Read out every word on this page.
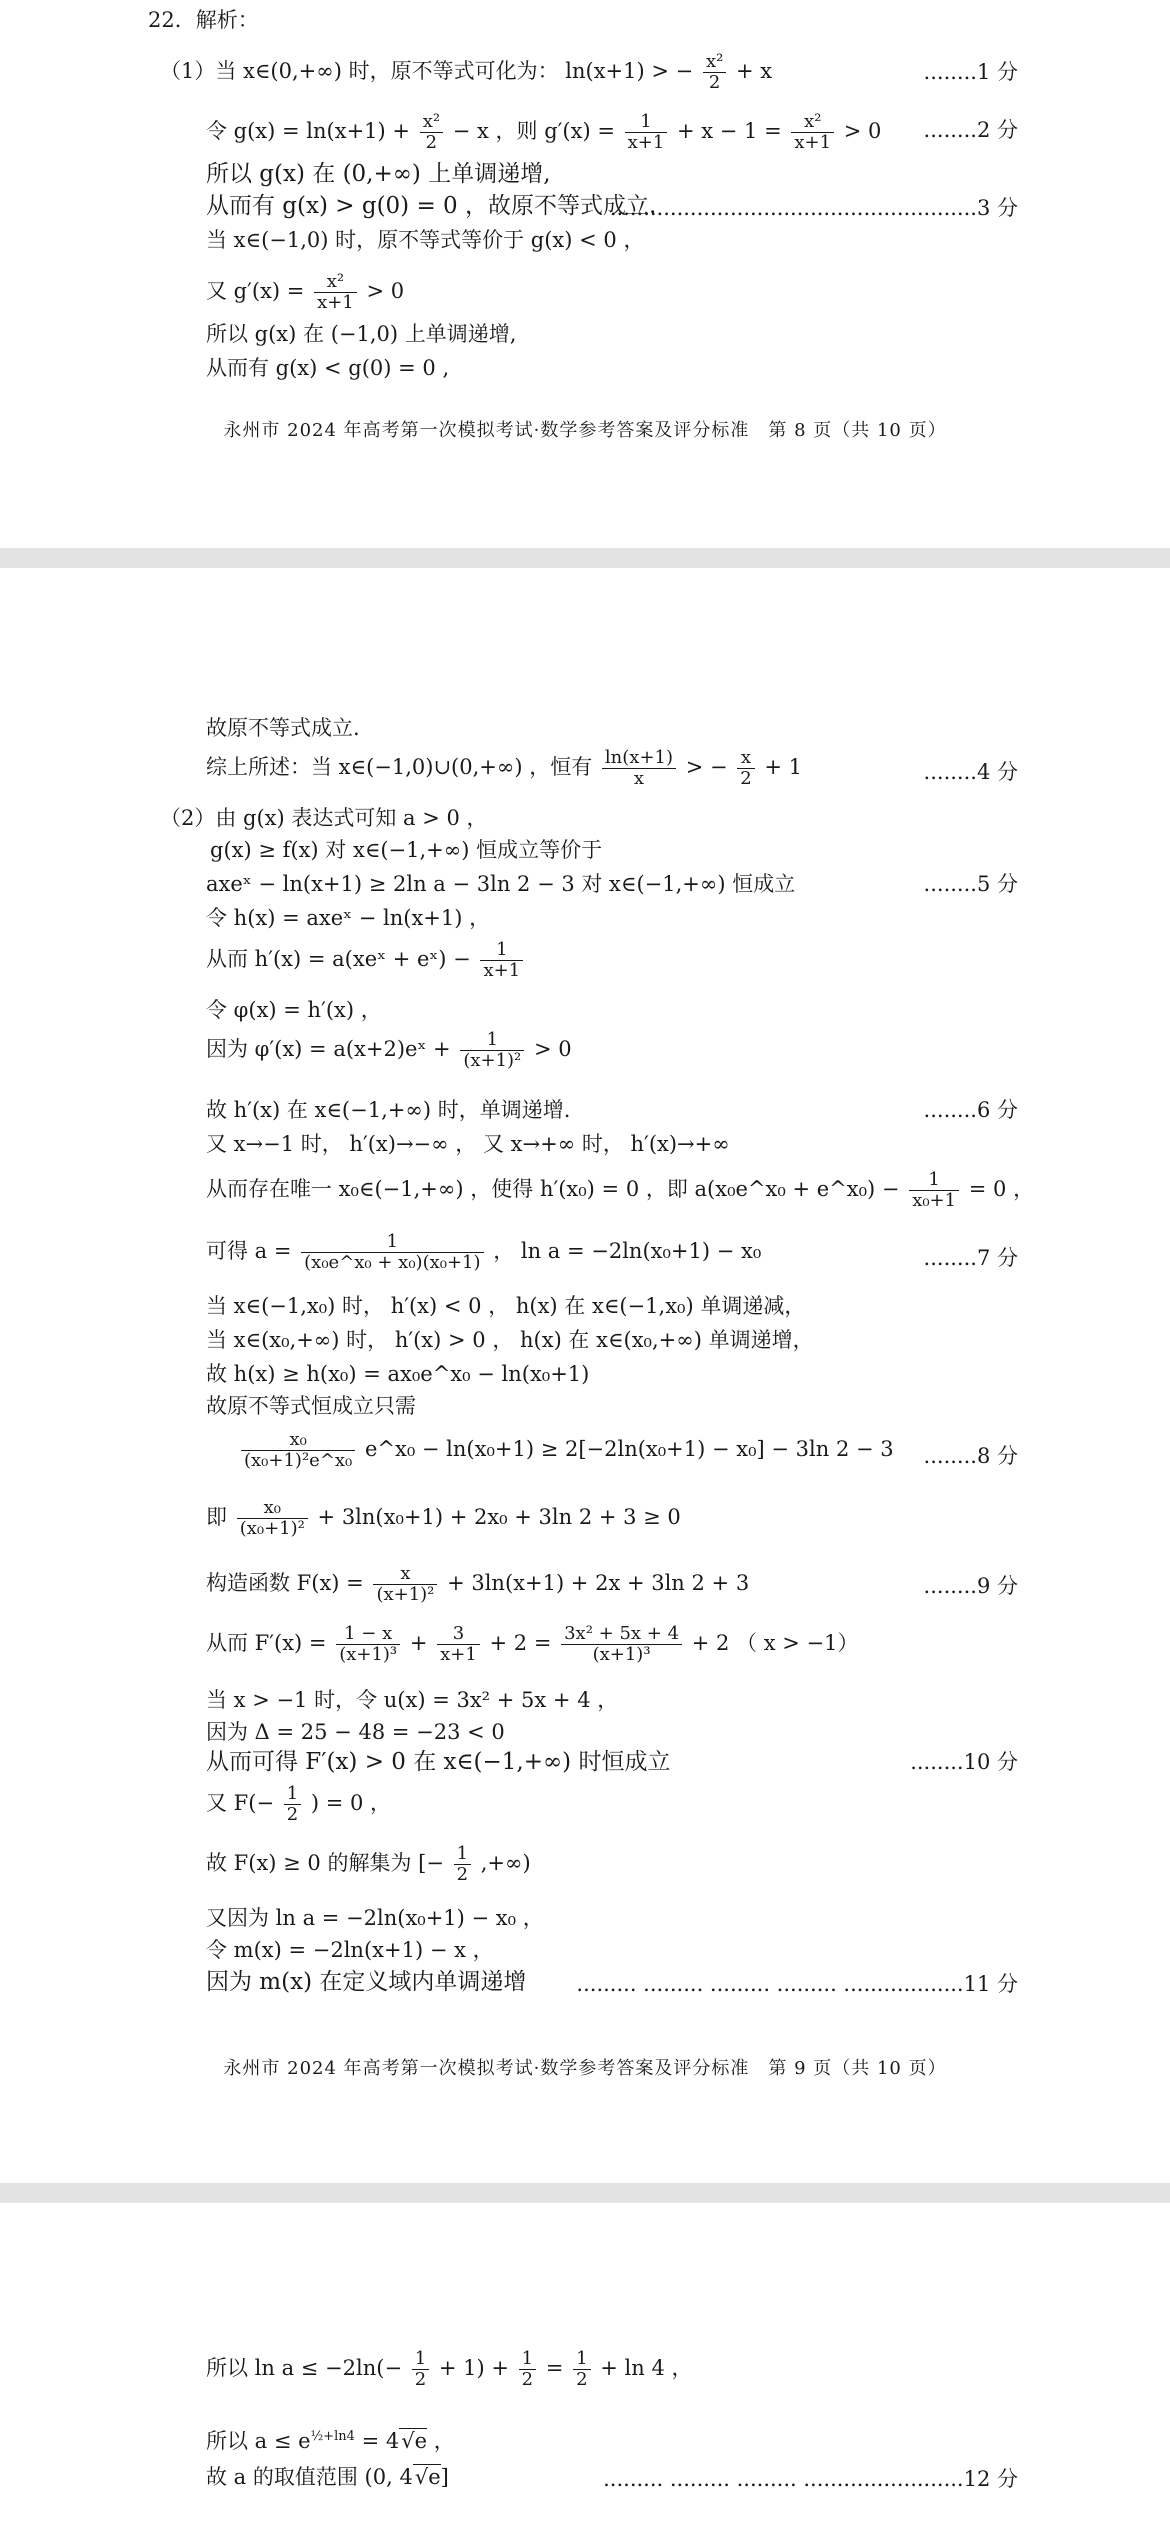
22．解析：
（1）当 x∈(0,+∞) 时，原不等式可化为： ln(x+1) > − $\frac{\text{x²}}{2} + x$	........1 分
令 $g(x) = \ln(x+1) + \frac{\text{x²}}{2} - x$ ，则 $g'(x) = \frac{1}{x+1} + x - 1 = \frac{\text{x²}}{x+1} > 0$ ........2 分
所以 g(x) 在 (0,+∞) 上单调递增,
从而有 g(x) > g(0) = 0 ，故原不等式成立.
.......................................................3 分
当 x∈(−1,0) 时，原不等式等价于 g(x) < 0 ，
又 $g'(x) = \frac{\text{x²}}{x+1} > 0$
所以 g(x) 在 (−1,0) 上单调递增,
从而有 g(x) < g(0) = 0 ,
永州市 2024 年高考第一次模拟考试·数学参考答案及评分标准　第 8 页（共 10 页）
故原不等式成立.
综上所述：当 x∈(−1,0)∪(0,+∞) ，恒有 $\frac{\ln(x+1)}{x}$ > − $\frac{x}{2} + 1$	........4 分
（2）由 g(x) 表达式可知 a > 0 ，
g(x) ≥ f(x) 对 x∈(−1,+∞) 恒成立等价于
axeˣ − ln(x+1) ≥ 2ln a − 3ln 2 − 3 对 x∈(−1,+∞) 恒成立	........5 分
令 h(x) = axeˣ − ln(x+1) ，
从而 h′(x) = a(xeˣ + eˣ) − $\frac{1}{x+1}$
令 φ(x) = h′(x) ，
因为 φ′(x) = a(x+2)eˣ + $\frac{1}{\text{(x+1)²}} > 0$
故 h′(x) 在 x∈(−1,+∞) 时，单调递增.	........6 分
又 x→−1 时， h′(x)→−∞ ， 又 x→+∞ 时， h′(x)→+∞
从而存在唯一 x₀∈(−1,+∞) ，使得 h′(x₀) = 0 ，即 a(x₀e^x₀ + e^x₀) − $\frac{1}{\text{x₀+1}} = 0$ ，
可得 $a = \frac{1}{\text{(x₀e\textasciicircum{}x₀ + x₀)(x₀+1)}}$ ， ln a = −2ln(x₀+1) − x₀	........7 分
当 x∈(−1,x₀) 时， h′(x) < 0 ， h(x) 在 x∈(−1,x₀) 单调递减，
当 x∈(x₀,+∞) 时， h′(x) > 0 ， h(x) 在 x∈(x₀,+∞) 单调递增，
故 h(x) ≥ h(x₀) = ax₀e^x₀ − ln(x₀+1)
故原不等式恒成立只需
$\frac{\text{x₀}}{\text{(x₀+1)²e\textasciicircum{}x₀}}$ e^x₀ − ln(x₀+1) ≥ 2[−2ln(x₀+1) − x₀] − 3ln 2 − 3 ........8 分
即 $\frac{\text{x₀}}{\text{(x₀+1)²}} + 3\ln(x_0+1) + 2x_0 + 3\ln$ 2 + 3 ≥ 0
构造函数 $F(x) = \frac{x}{\text{(x+1)²}} + 3\ln(x+1) + 2x + 3\ln$ 2 + 3	........9 分
从而 $F'(x) = \frac{1 - x}{\text{(x+1)³}} + \frac{3}{x+1} + 2 = \frac{\text{3x² + 5x + 4}}{\text{(x+1)³}} + 2$ （ x > −1）
当 x > −1 时，令 u(x) = 3x² + 5x + 4 ，
因为 Δ = 25 − 48 = −23 < 0
从而可得 F′(x) > 0 在 x∈(−1,+∞) 时恒成立	........10 分
又 $F(- \frac{1}{2}$ ) = 0 ，
故 F(x) ≥ 0 的解集为 [− $\frac{1}{2}$ ,+∞)
又因为 ln a = −2ln(x₀+1) − x₀ ，
令 m(x) = −2ln(x+1) − x ，
因为 m(x) 在定义域内单调递增 ......... ......... ......... ......... ..................11 分
永州市 2024 年高考第一次模拟考试·数学参考答案及评分标准　第 9 页（共 10 页）
所以 $\ln a \le -2\ln(- \frac{1}{2} + 1) + \frac{1}{2} = \frac{1}{2} + \ln 4$ ，
所以 $a \le e^{\frac{1}{2}+ln4} = 4√e$ ，
故 a 的取值范围 (0, 4√e]	......... ......... ......... ........................12 分
